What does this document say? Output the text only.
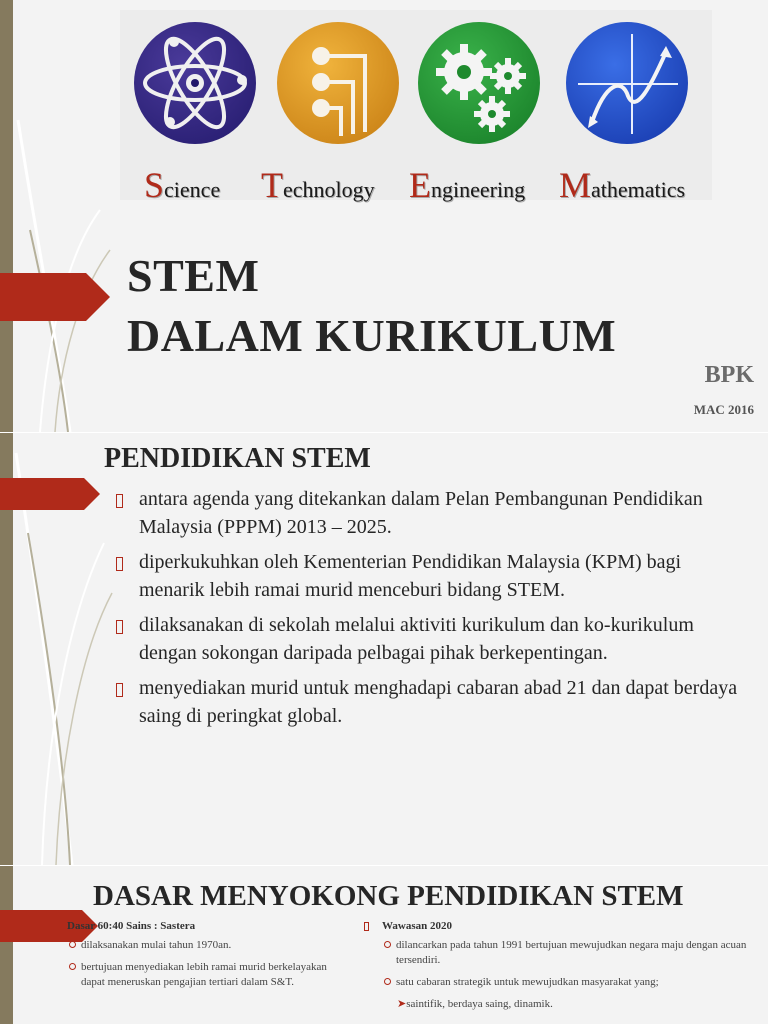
Science Technology Engineering Mathematics
STEM
DALAM KURIKULUM
BPK
MAC 2016
PENDIDIKAN STEM
antara agenda yang ditekankan dalam Pelan Pembangunan Pendidikan Malaysia (PPPM) 2013 – 2025.
diperkukuhkan oleh Kementerian Pendidikan Malaysia (KPM) bagi menarik lebih ramai murid menceburi bidang STEM.
dilaksanakan di sekolah melalui aktiviti kurikulum dan ko-kurikulum dengan sokongan daripada pelbagai pihak berkepentingan.
menyediakan murid untuk menghadapi cabaran abad 21 dan dapat berdaya saing di peringkat global.
DASAR MENYOKONG PENDIDIKAN STEM
Dasar 60:40 Sains : Sastera
dilaksanakan mulai tahun 1970an.
bertujuan menyediakan lebih ramai murid berkelayakan dapat meneruskan pengajian tertiari dalam S&T.
Wawasan 2020
dilancarkan pada tahun 1991 bertujuan mewujudkan negara maju dengan acuan tersendiri.
satu cabaran strategik untuk mewujudkan masyarakat yang;
➤saintifik, berdaya saing, dinamik.
